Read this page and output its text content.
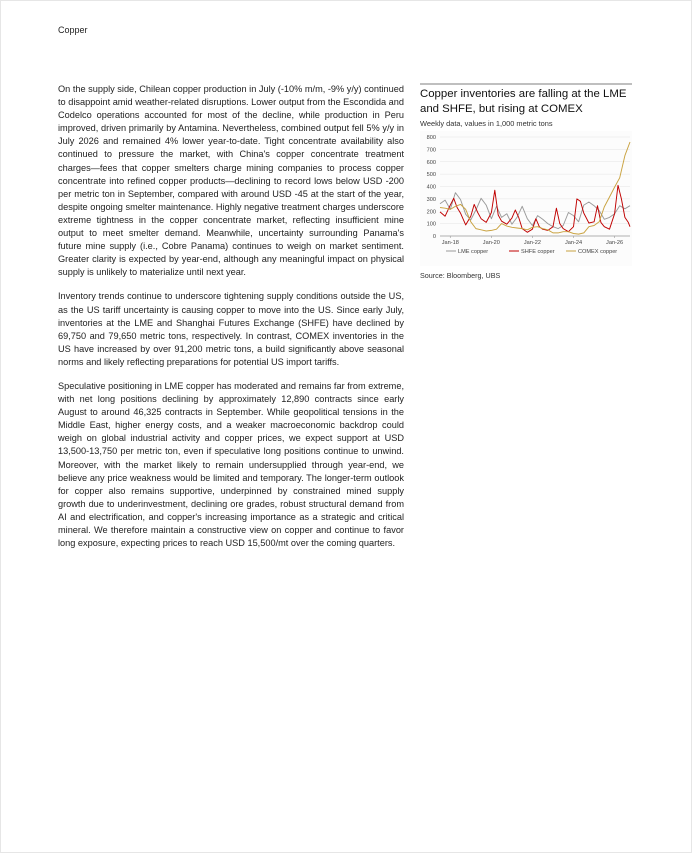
Copper

On the supply side, Chilean copper production in July (-10% m/m, -9% y/y) continued to disappoint amid weather-related disruptions. Lower output from the Escondida and Codelco operations accounted for most of the decline, while production in Peru improved, driven primarily by Antamina. Nevertheless, combined output fell 5% y/y in July 2026 and remained 4% lower year-to-date. Tight concentrate availability also continued to pressure the market, with China's copper concentrate treatment charges—fees that copper smelters charge mining companies to process copper concentrate into refined copper products—declining to record lows below USD -200 per metric ton in September, compared with around USD -45 at the start of the year, despite ongoing smelter maintenance. Highly negative treatment charges underscore extreme tightness in the copper concentrate market, reflecting insufficient mine output to meet smelter demand. Meanwhile, uncertainty surrounding Panama's future mine supply (i.e., Cobre Panama) continues to weigh on market sentiment. Greater clarity is expected by year-end, although any meaningful impact on physical supply is unlikely to materialize until next year.

Inventory trends continue to underscore tightening supply conditions outside the US, as the US tariff uncertainty is causing copper to move into the US. Since early July, inventories at the LME and Shanghai Futures Exchange (SHFE) have declined by 69,750 and 79,650 metric tons, respectively. In contrast, COMEX inventories in the US have increased by over 91,200 metric tons, a build significantly above seasonal norms and likely reflecting preparations for potential US import tariffs.

Speculative positioning in LME copper has moderated and remains far from extreme, with net long positions declining by approximately 12,890 contracts since early August to around 46,325 contracts in September. While geopolitical tensions in the Middle East, higher energy costs, and a weaker macroeconomic backdrop could weigh on global industrial activity and copper prices, we expect support at USD 13,500-13,750 per metric ton, even if speculative long positions continue to unwind. Moreover, with the market likely to remain undersupplied through year-end, we believe any price weakness would be limited and temporary. The longer-term outlook for copper also remains supportive, underpinned by constrained mined supply growth due to underinvestment, declining ore grades, robust structural demand from AI and electrification, and copper's increasing importance as a strategic and critical mineral. We therefore maintain a constructive view on copper and continue to favor long exposure, expecting prices to reach USD 15,500/mt over the coming quarters.

Copper inventories are falling at the LME and SHFE, but rising at COMEX
Weekly data, values in 1,000 metric tons
0
100
200
300
400
500
600
700
800
Jan-18	Jan-20	Jan-22	Jan-24	Jan-26
LME copper	SHFE copper	COMEX copper
Source: Bloomberg, UBS
